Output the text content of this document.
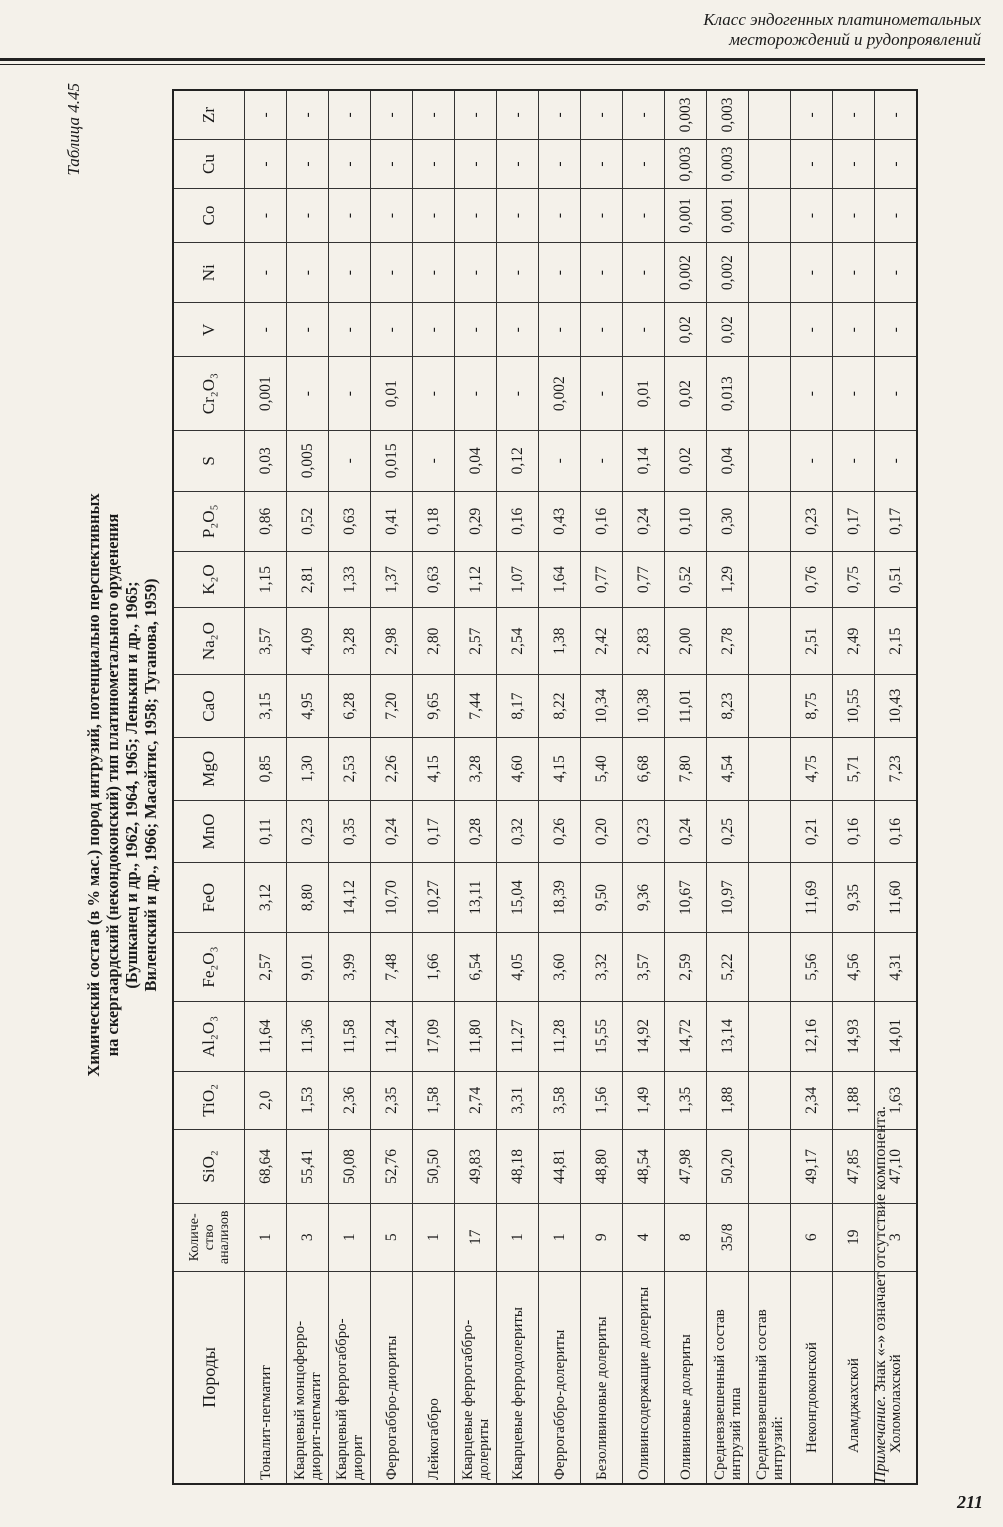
Класс эндогенных платинометальных
месторождений и рудопроявлений
Таблица 4.45
Химический состав (в % мас.) пород интрузий, потенциально перспективных на скергаардский (некондоконский) тип платинометального оруденения (Бушканец и др., 1962, 1964, 1965; Ленькин и др., 1965; Виленский и др., 1966; Масайтис, 1958; Туганова, 1959)
Породы	Количе-ство анализов	SiO₂	TiO₂	Al₂O₃	Fe₂O₃	FeO	MnO	MgO	CaO	Na₂O	K₂O	P₂O₅	S	Cr₂O₃	V	Ni	Co	Cu	Zr
Тоналит-пегматит	1	68,64	2,0	11,64	2,57	3,12	0,11	0,85	3,15	3,57	1,15	0,86	0,03	0,001	-	-	-	-	-
Кварцевый монцоферро-диорит-пегматит	3	55,41	1,53	11,36	9,01	8,80	0,23	1,30	4,95	4,09	2,81	0,52	0,005	-	-	-	-	-	-
Кварцевый феррогаббро-диорит	1	50,08	2,36	11,58	3,99	14,12	0,35	2,53	6,28	3,28	1,33	0,63	-	-	-	-	-	-	-
Феррогаббро-диориты	5	52,76	2,35	11,24	7,48	10,70	0,24	2,26	7,20	2,98	1,37	0,41	0,015	0,01	-	-	-	-	-
Лейкогаббро	1	50,50	1,58	17,09	1,66	10,27	0,17	4,15	9,65	2,80	0,63	0,18	-	-	-	-	-	-	-
Кварцевые феррогаббро-долериты	17	49,83	2,74	11,80	6,54	13,11	0,28	3,28	7,44	2,57	1,12	0,29	0,04	-	-	-	-	-	-
Кварцевые ферродолериты	1	48,18	3,31	11,27	4,05	15,04	0,32	4,60	8,17	2,54	1,07	0,16	0,12	-	-	-	-	-	-
Феррогаббро-долериты	1	44,81	3,58	11,28	3,60	18,39	0,26	4,15	8,22	1,38	1,64	0,43	-	0,002	-	-	-	-	-
Безоливиновые долериты	9	48,80	1,56	15,55	3,32	9,50	0,20	5,40	10,34	2,42	0,77	0,16	-	-	-	-	-	-	-
Оливинсодержащие долериты	4	48,54	1,49	14,92	3,57	9,36	0,23	6,68	10,38	2,83	0,77	0,24	0,14	0,01	-	-	-	-	-
Оливиновые долериты	8	47,98	1,35	14,72	2,59	10,67	0,24	7,80	11,01	2,00	0,52	0,10	0,02	0,02	0,02	0,002	0,001	0,003	0,003
Средневзвешенный состав интрузий типа	35/8	50,20	1,88	13,14	5,22	10,97	0,25	4,54	8,23	2,78	1,29	0,30	0,04	0,013	0,02	0,002	0,001	0,003	0,003
Средневзвешенный состав интрузий:																			
Неконгдоконской	6	49,17	2,34	12,16	5,56	11,69	0,21	4,75	8,75	2,51	0,76	0,23	-	-	-	-	-	-	-
Аламджахской	19	47,85	1,88	14,93	4,56	9,35	0,16	5,71	10,55	2,49	0,75	0,17	-	-	-	-	-	-	-
Холомолахской	3	47,10	1,63	14,01	4,31	11,60	0,16	7,23	10,43	2,15	0,51	0,17	-	-	-	-	-	-	-
Примечание. Знак «-» означает отсутствие компонента.
211
